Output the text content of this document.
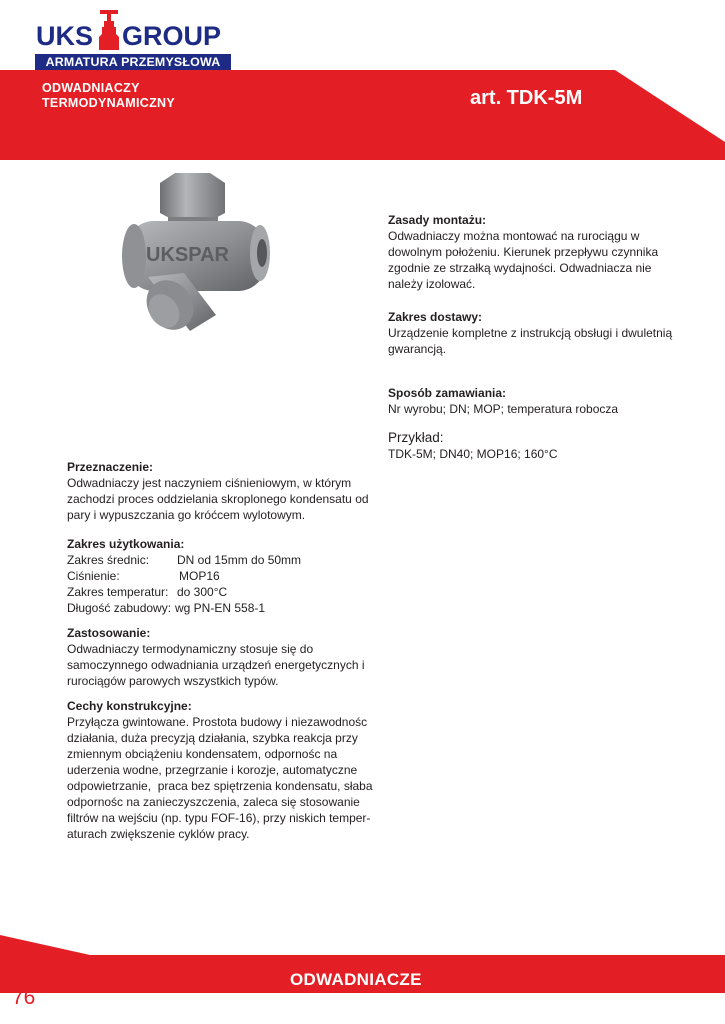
UKS GROUP
ARMATURA PRZEMYSŁOWA
ODWADNIACZY
TERMODYNAMICZNY	art. TDK-5M
UKSPAR
Zasady montażu:
Odwadniaczy można montować na rurociągu w
dowolnym położeniu. Kierunek przepływu czynnika
zgodnie ze strzałką wydajności. Odwadniacza nie
należy izolować.
Zakres dostawy:
Urządzenie kompletne z instrukcją obsługi i dwuletnią
gwarancją.
Sposób zamawiania:
Nr wyrobu; DN; MOP; temperatura robocza
Przykład:
TDK-5M; DN40; MOP16; 160°C
Przeznaczenie:
Odwadniaczy jest naczyniem ciśnieniowym, w którym
zachodzi proces oddzielania skroplonego kondensatu od
pary i wypuszczania go króćcem wylotowym.
Zakres użytkowania:
Zakres średnic: DN od 15mm do 50mm
Ciśnienie:	MOP16
Zakres temperatur: do 300°C
Długość zabudowy: wg PN-EN 558-1
Zastosowanie:
Odwadniaczy termodynamiczny stosuje się do
samoczynnego odwadniania urządzeń energetycznych i
rurociągów parowych wszystkich typów.
Cechy konstrukcyjne:
Przyłącza gwintowane. Prostota budowy i niezawodnośc
działania, duża precyzją działania, szybka reakcja przy
zmiennym obciążeniu kondensatem, odpornośc na
uderzenia wodne, przegrzanie i korozje, automatyczne
odpowietrzanie,  praca bez spiętrzenia kondensatu, słaba
odpornośc na zanieczyszczenia, zaleca się stosowanie
filtrów na wejściu (np. typu FOF-16), przy niskich temper-
aturach zwiększenie cyklów pracy.
ODWADNIACZE
76
